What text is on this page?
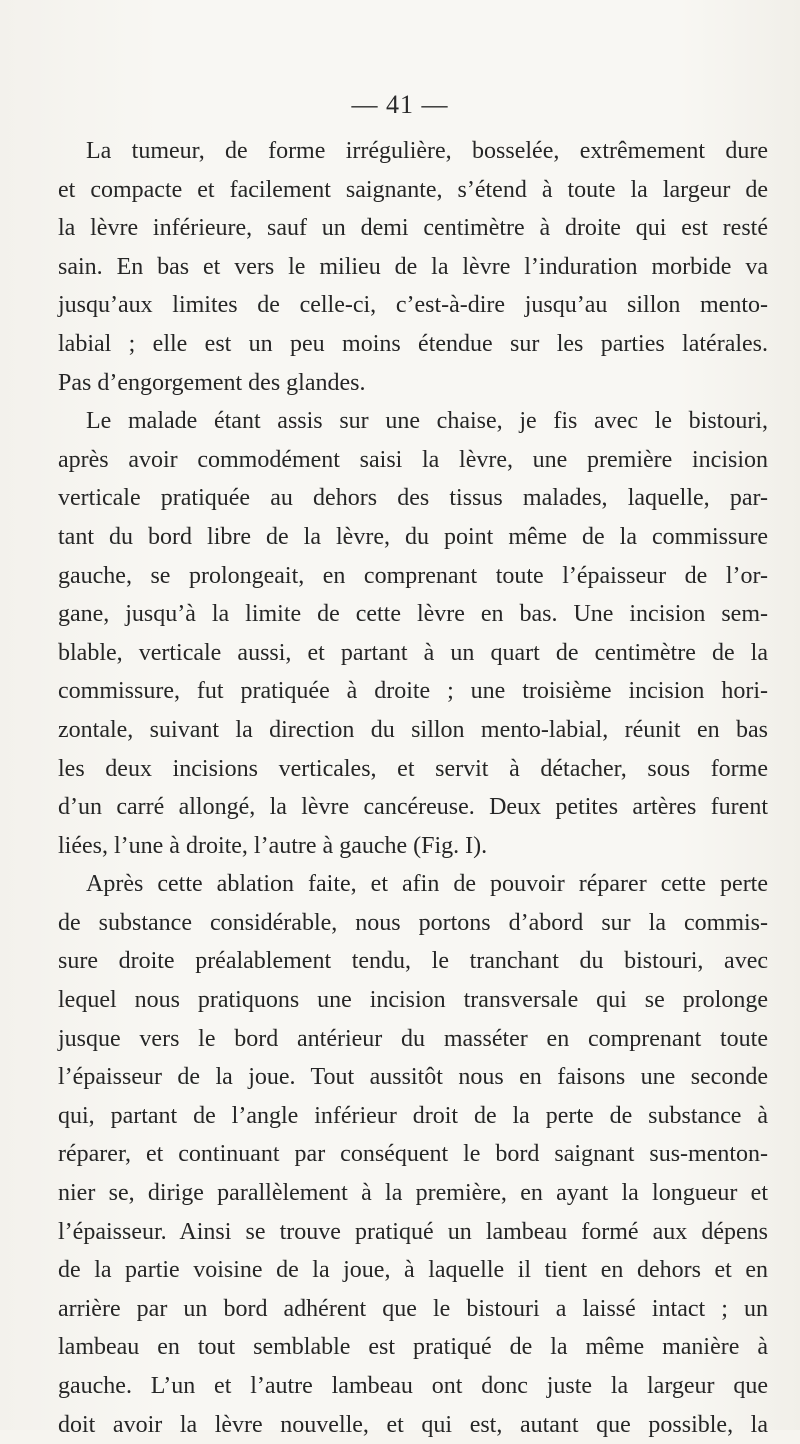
— 41 —
La tumeur, de forme irrégulière, bosselée, extrêmement dure
et compacte et facilement saignante, s’étend à toute la largeur de
la lèvre inférieure, sauf un demi centimètre à droite qui est resté
sain. En bas et vers le milieu de la lèvre l’induration morbide va
jusqu’aux limites de celle-ci, c’est-à-dire jusqu’au sillon mento-
labial ; elle est un peu moins étendue sur les parties latérales.
Pas d’engorgement des glandes.
Le malade étant assis sur une chaise, je fis avec le bistouri,
après avoir commodément saisi la lèvre, une première incision
verticale pratiquée au dehors des tissus malades, laquelle, par-
tant du bord libre de la lèvre, du point même de la commissure
gauche, se prolongeait, en comprenant toute l’épaisseur de l’or-
gane, jusqu’à la limite de cette lèvre en bas. Une incision sem-
blable, verticale aussi, et partant à un quart de centimètre de la
commissure, fut pratiquée à droite ; une troisième incision hori-
zontale, suivant la direction du sillon mento-labial, réunit en bas
les deux incisions verticales, et servit à détacher, sous forme
d’un carré allongé, la lèvre cancéreuse. Deux petites artères furent
liées, l’une à droite, l’autre à gauche (Fig. I).
Après cette ablation faite, et afin de pouvoir réparer cette perte
de substance considérable, nous portons d’abord sur la commis-
sure droite préalablement tendu, le tranchant du bistouri, avec
lequel nous pratiquons une incision transversale qui se prolonge
jusque vers le bord antérieur du masséter en comprenant toute
l’épaisseur de la joue. Tout aussitôt nous en faisons une seconde
qui, partant de l’angle inférieur droit de la perte de substance à
réparer, et continuant par conséquent le bord saignant sus-menton-
nier se, dirige parallèlement à la première, en ayant la longueur et
l’épaisseur. Ainsi se trouve pratiqué un lambeau formé aux dépens
de la partie voisine de la joue, à laquelle il tient en dehors et en
arrière par un bord adhérent que le bistouri a laissé intact ; un
lambeau en tout semblable est pratiqué de la même manière à
gauche. L’un et l’autre lambeau ont donc juste la largeur que
doit avoir la lèvre nouvelle, et qui est, autant que possible, la
